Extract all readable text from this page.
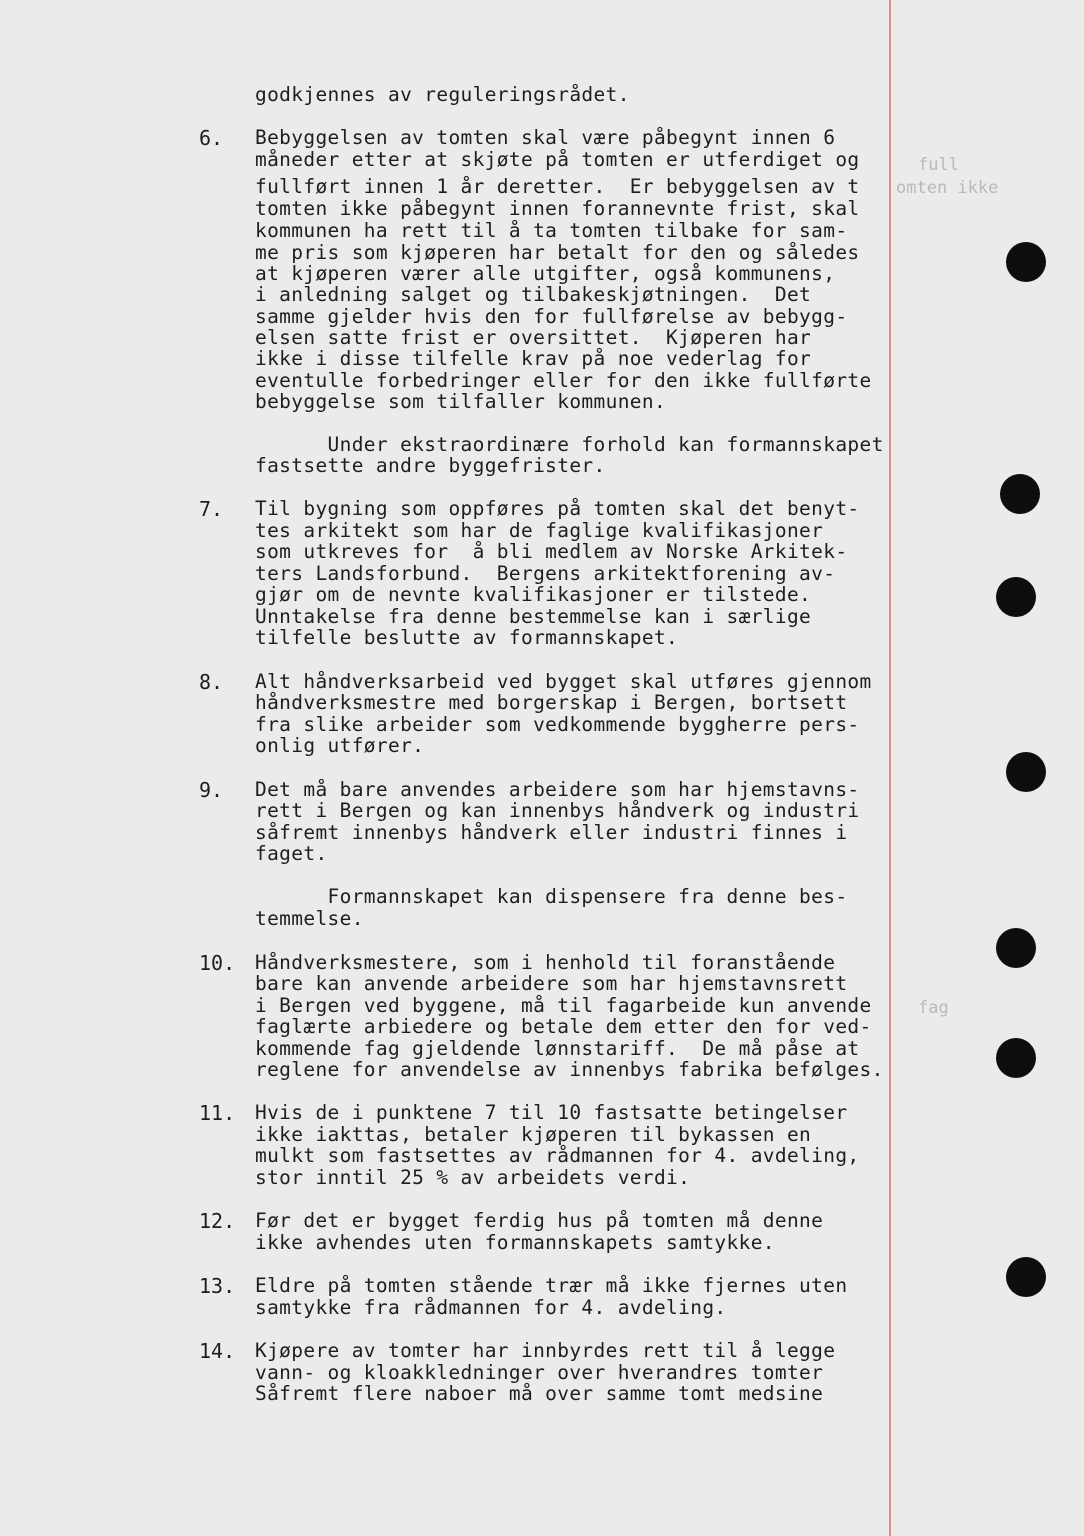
full
omten ikke
fag
godkjennes av reguleringsrådet.
6. Bebyggelsen av tomten skal være påbegynt innen 6
måneder etter at skjøte på tomten er utferdiget og
fullført innen 1 år deretter.  Er bebyggelsen av t
tomten ikke påbegynt innen forannevnte frist, skal
kommunen ha rett til å ta tomten tilbake for sam-
me pris som kjøperen har betalt for den og således
at kjøperen værer alle utgifter, også kommunens,
i anledning salget og tilbakeskjøtningen.  Det
samme gjelder hvis den for fullførelse av bebygg-
elsen satte frist er oversittet.  Kjøperen har
ikke i disse tilfelle krav på noe vederlag for
eventulle forbedringer eller for den ikke fullførte
bebyggelse som tilfaller kommunen.
Under ekstraordinære forhold kan formannskapet
fastsette andre byggefrister.
7. Til bygning som oppføres på tomten skal det benyt-
tes arkitekt som har de faglige kvalifikasjoner
som utkreves for  å bli medlem av Norske Arkitek-
ters Landsforbund.  Bergens arkitektforening av-
gjør om de nevnte kvalifikasjoner er tilstede.
Unntakelse fra denne bestemmelse kan i særlige
tilfelle beslutte av formannskapet.
8. Alt håndverksarbeid ved bygget skal utføres gjennom
håndverksmestre med borgerskap i Bergen, bortsett
fra slike arbeider som vedkommende byggherre pers-
onlig utfører.
9. Det må bare anvendes arbeidere som har hjemstavns-
rett i Bergen og kan innenbys håndverk og industri
såfremt innenbys håndverk eller industri finnes i
faget.
Formannskapet kan dispensere fra denne bes-
temmelse.
10. Håndverksmestere, som i henhold til foranstående
bare kan anvende arbeidere som har hjemstavnsrett
i Bergen ved byggene, må til fagarbeide kun anvende
faglærte arbiedere og betale dem etter den for ved-
kommende fag gjeldende lønnstariff.  De må påse at
reglene for anvendelse av innenbys fabrika befølges.
11. Hvis de i punktene 7 til 10 fastsatte betingelser
ikke iakttas, betaler kjøperen til bykassen en
mulkt som fastsettes av rådmannen for 4. avdeling,
stor inntil 25 % av arbeidets verdi.
12. Før det er bygget ferdig hus på tomten må denne
ikke avhendes uten formannskapets samtykke.
13. Eldre på tomten stående trær må ikke fjernes uten
samtykke fra rådmannen for 4. avdeling.
14. Kjøpere av tomter har innbyrdes rett til å legge
vann- og kloakkledninger over hverandres tomter
Såfremt flere naboer må over samme tomt medsine
